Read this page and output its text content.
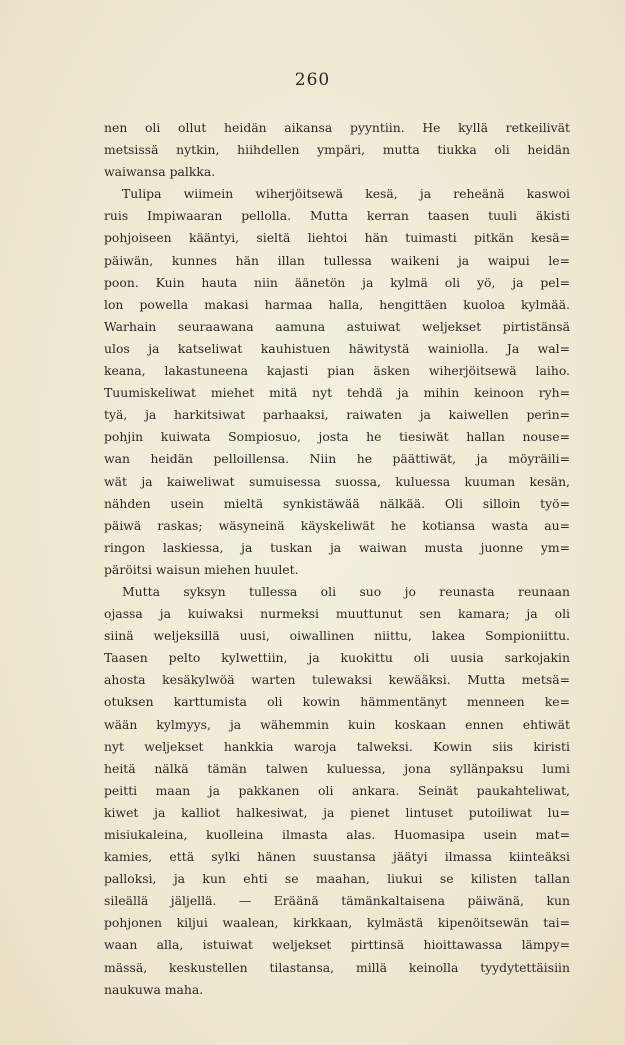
260
nen oli ollut heidän aikansa pyyntiin. He kyllä retkeilivät
metsissä nytkin, hiihdellen ympäri, mutta tiukka oli heidän
waiwansa palkka.
Tulipa wiimein wiherjöitsewä kesä, ja reheänä kaswoi
ruis Impiwaaran pellolla. Mutta kerran taasen tuuli äkisti
pohjoiseen kääntyi, sieltä liehtoi hän tuimasti pitkän kesä=
päiwän, kunnes hän illan tullessa waikeni ja waipui le=
poon. Kuin hauta niin äänetön ja kylmä oli yö, ja pel=
lon powella makasi harmaa halla, hengittäen kuoloa kylmää.
Warhain seuraawana aamuna astuiwat weljekset pirtistänsä
ulos ja katseliwat kauhistuen häwitystä wainiolla. Ja wal=
keana, lakastuneena kajasti pian äsken wiherjöitsewä laiho.
Tuumiskeliwat miehet mitä nyt tehdä ja mihin keinoon ryh=
tyä, ja harkitsiwat parhaaksi, raiwaten ja kaiwellen perin=
pohjin kuiwata Sompiosuo, josta he tiesiwät hallan nouse=
wan heidän pelloillensa. Niin he päättiwät, ja möyräili=
wät ja kaiweliwat sumuisessa suossa, kuluessa kuuman kesän,
nähden usein mieltä synkistäwää nälkää. Oli silloin työ=
päiwä raskas; wäsyneinä käyskeliwät he kotiansa wasta au=
ringon laskiessa, ja tuskan ja waiwan musta juonne ym=
päröitsi waisun miehen huulet.
Mutta syksyn tullessa oli suo jo reunasta reunaan
ojassa ja kuiwaksi nurmeksi muuttunut sen kamara; ja oli
siinä weljeksillä uusi, oiwallinen niittu, lakea Sompioniittu.
Taasen pelto kylwettiin, ja kuokittu oli uusia sarkojakin
ahosta kesäkylwöä warten tulewaksi kewääksi. Mutta metsä=
otuksen karttumista oli kowin hämmentänyt menneen ke=
wään kylmyys, ja wähemmin kuin koskaan ennen ehtiwät
nyt weljekset hankkia waroja talweksi. Kowin siis kiristi
heitä nälkä tämän talwen kuluessa, jona syllänpaksu lumi
peitti maan ja pakkanen oli ankara. Seinät paukahteliwat,
kiwet ja kalliot halkesiwat, ja pienet lintuset putoiliwat lu=
misiukaleina, kuolleina ilmasta alas. Huomasipa usein mat=
kamies, että sylki hänen suustansa jäätyi ilmassa kiinteäksi
palloksi, ja kun ehti se maahan, liukui se kilisten tallan
sileällä jäljellä. — Eräänä tämänkaltaisena päiwänä, kun
pohjonen kiljui waalean, kirkkaan, kylmästä kipenöitsewän tai=
waan alla, istuiwat weljekset pirttinsä hioittawassa lämpy=
mässä, keskustellen tilastansa, millä keinolla tyydytettäisiin
naukuwa maha.
